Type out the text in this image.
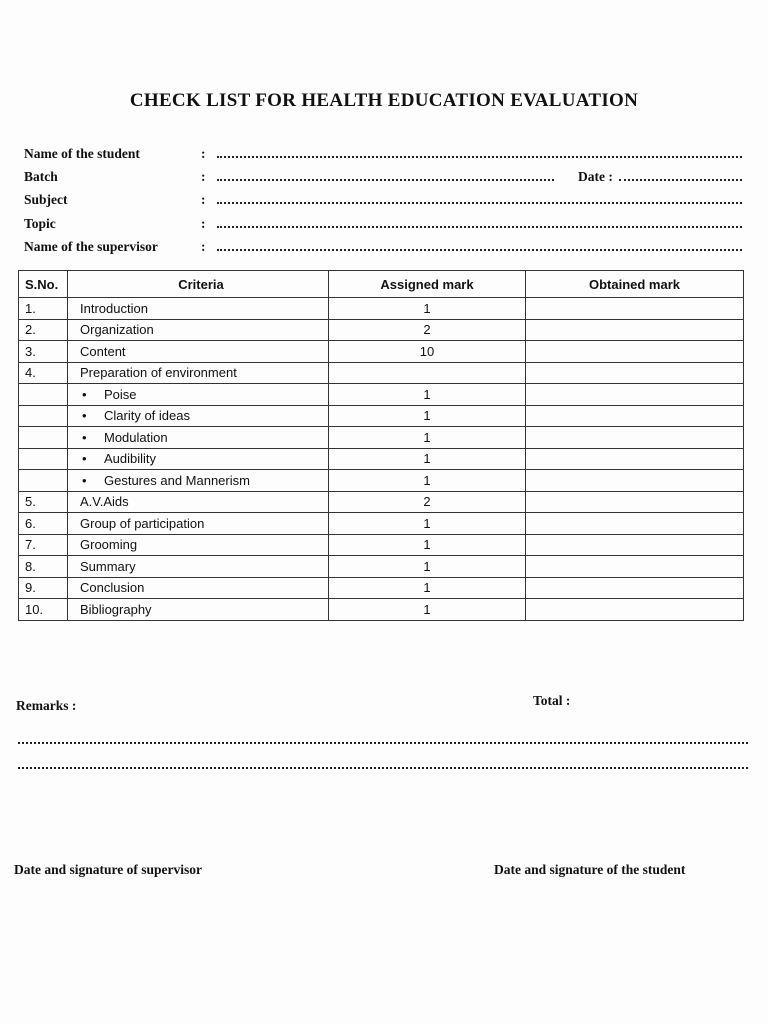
CHECK LIST FOR HEALTH EDUCATION EVALUATION
Name of the student	:
Batch	:	Date :
Subject	:
Topic	:
Name of the supervisor	:
S.No.	Criteria	Assigned mark	Obtained mark
1.	Introduction	1	
2.	Organization	2	
3.	Content	10	
4.	Preparation of environment		
	• Poise	1	
	• Clarity of ideas	1	
	• Modulation	1	
	• Audibility	1	
	• Gestures and Mannerism	1	
5.	A.V.Aids	2	
6.	Group of participation	1	
7.	Grooming	1	
8.	Summary	1	
9.	Conclusion	1	
10.	Bibliography	1	
Remarks :	Total :
Date and signature of supervisor	Date and signature of the student
